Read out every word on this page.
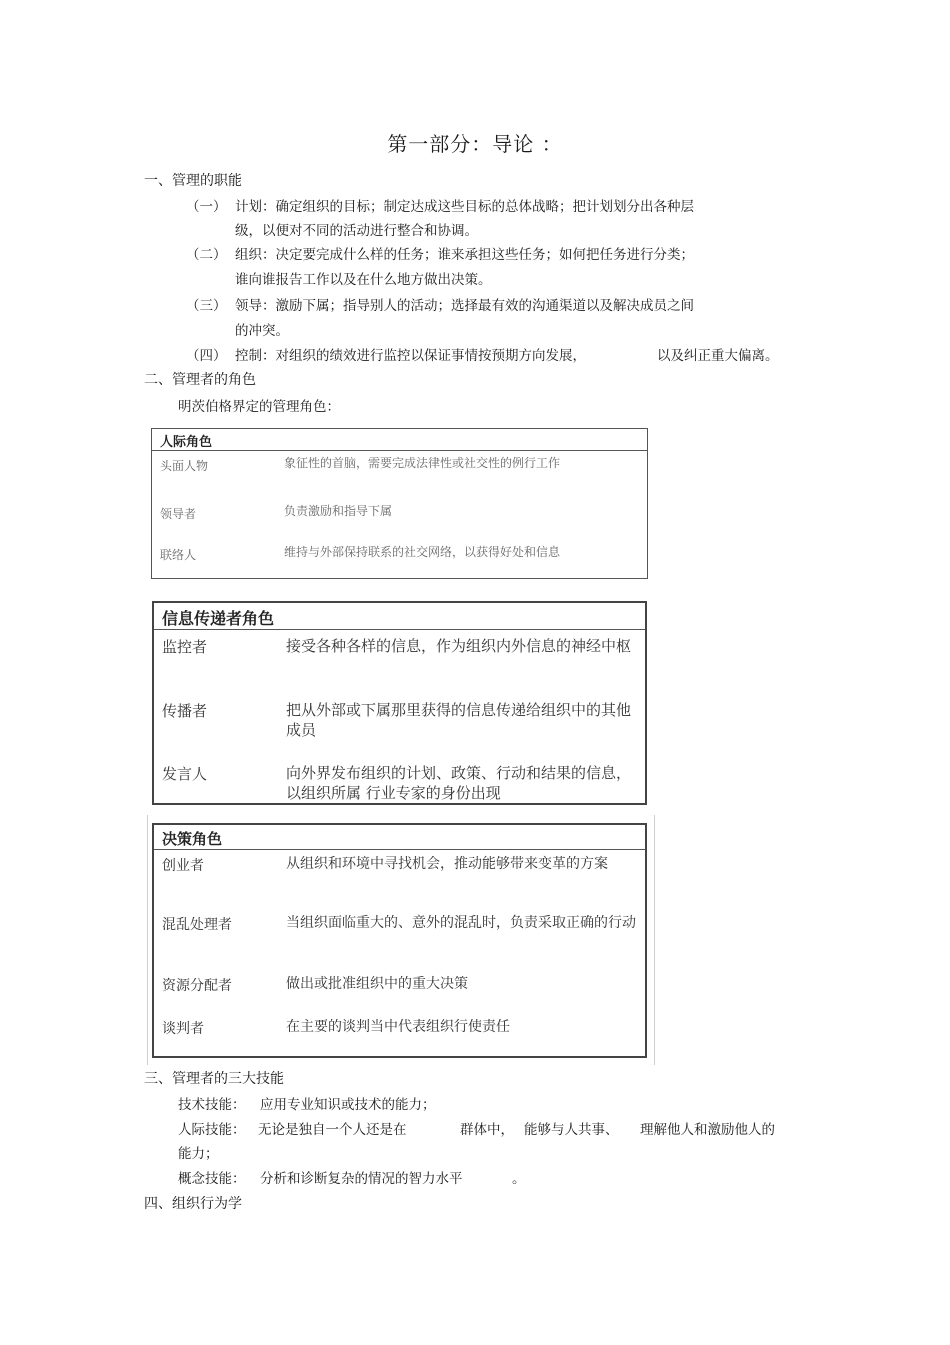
第一部分：导论 ：
一、管理的职能
（一） 计划：确定组织的目标；制定达成这些目标的总体战略；把计划划分出各种层
级，以便对不同的活动进行整合和协调。
（二） 组织：决定要完成什么样的任务；谁来承担这些任务；如何把任务进行分类；
谁向谁报告工作以及在什么地方做出决策。
（三） 领导：激励下属；指导别人的活动；选择最有效的沟通渠道以及解决成员之间
的冲突。
（四） 控制：对组织的绩效进行监控以保证事情按预期方向发展，	以及纠正重大偏离。
二、管理者的角色
明茨伯格界定的管理角色：
人际角色
头面人物	象征性的首脑，需要完成法律性或社交性的例行工作
领导者	负责激励和指导下属
联络人	维持与外部保持联系的社交网络，以获得好处和信息
信息传递者角色
监控者	接受各种各样的信息，作为组织内外信息的神经中枢
传播者	把从外部或下属那里获得的信息传递给组织中的其他成员
发言人	向外界发布组织的计划、政策、行动和结果的信息，以组织所属 行业专家的身份出现
决策角色
创业者	从组织和环境中寻找机会，推动能够带来变革的方案
混乱处理者	当组织面临重大的、意外的混乱时，负责采取正确的行动
资源分配者	做出或批准组织中的重大决策
谈判者	在主要的谈判当中代表组织行使责任
三、管理者的三大技能
技术技能： 应用专业知识或技术的能力；
人际技能： 无论是独自一个人还是在	群体中， 能够与人共事、 理解他人和激励他人的
能力；
概念技能： 分析和诊断复杂的情况的智力水平	。
四、组织行为学
